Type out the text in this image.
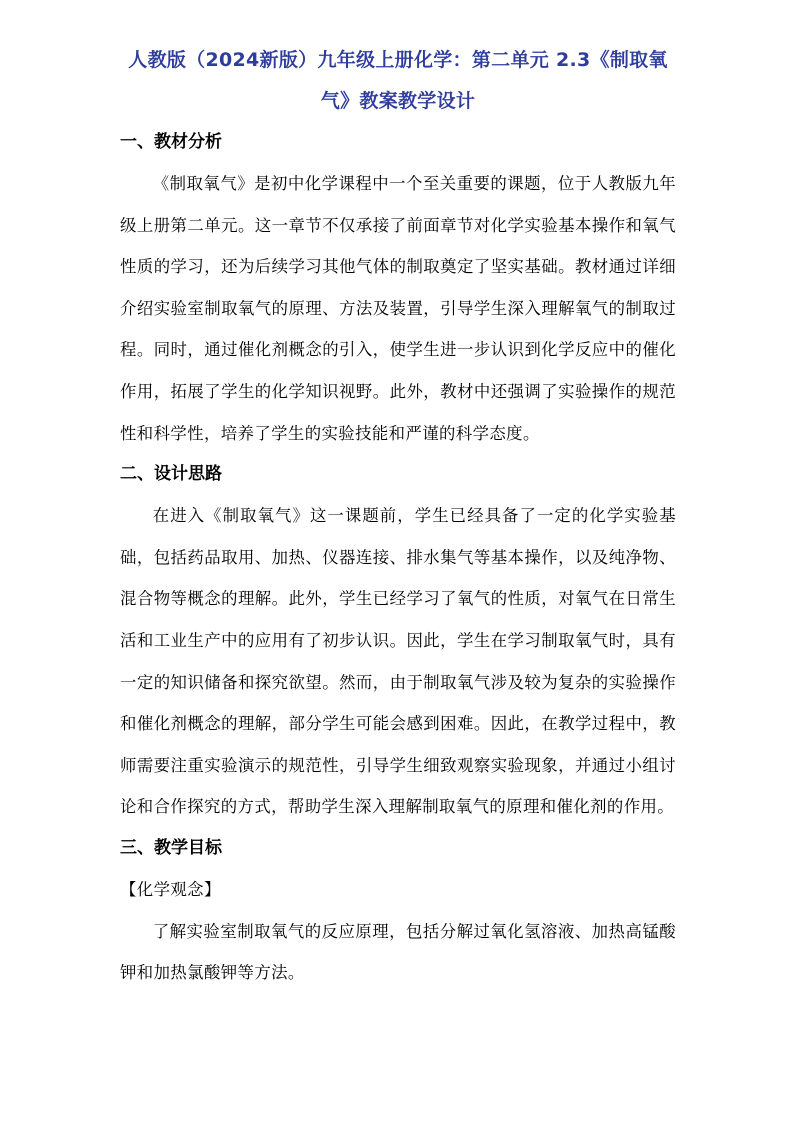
人教版（2024新版）九年级上册化学：第二单元 2.3《制取氧气》教案教学设计
一、教材分析

《制取氧气》是初中化学课程中一个至关重要的课题，位于人教版九年级上册第二单元。这一章节不仅承接了前面章节对化学实验基本操作和氧气性质的学习，还为后续学习其他气体的制取奠定了坚实基础。教材通过详细介绍实验室制取氧气的原理、方法及装置，引导学生深入理解氧气的制取过程。同时，通过催化剂概念的引入，使学生进一步认识到化学反应中的催化作用，拓展了学生的化学知识视野。此外，教材中还强调了实验操作的规范性和科学性，培养了学生的实验技能和严谨的科学态度。

二、设计思路

在进入《制取氧气》这一课题前，学生已经具备了一定的化学实验基础，包括药品取用、加热、仪器连接、排水集气等基本操作，以及纯净物、混合物等概念的理解。此外，学生已经学习了氧气的性质，对氧气在日常生活和工业生产中的应用有了初步认识。因此，学生在学习制取氧气时，具有一定的知识储备和探究欲望。然而，由于制取氧气涉及较为复杂的实验操作和催化剂概念的理解，部分学生可能会感到困难。因此，在教学过程中，教师需要注重实验演示的规范性，引导学生细致观察实验现象，并通过小组讨论和合作探究的方式，帮助学生深入理解制取氧气的原理和催化剂的作用。

三、教学目标

【化学观念】

了解实验室制取氧气的反应原理，包括分解过氧化氢溶液、加热高锰酸钾和加热氯酸钾等方法。
